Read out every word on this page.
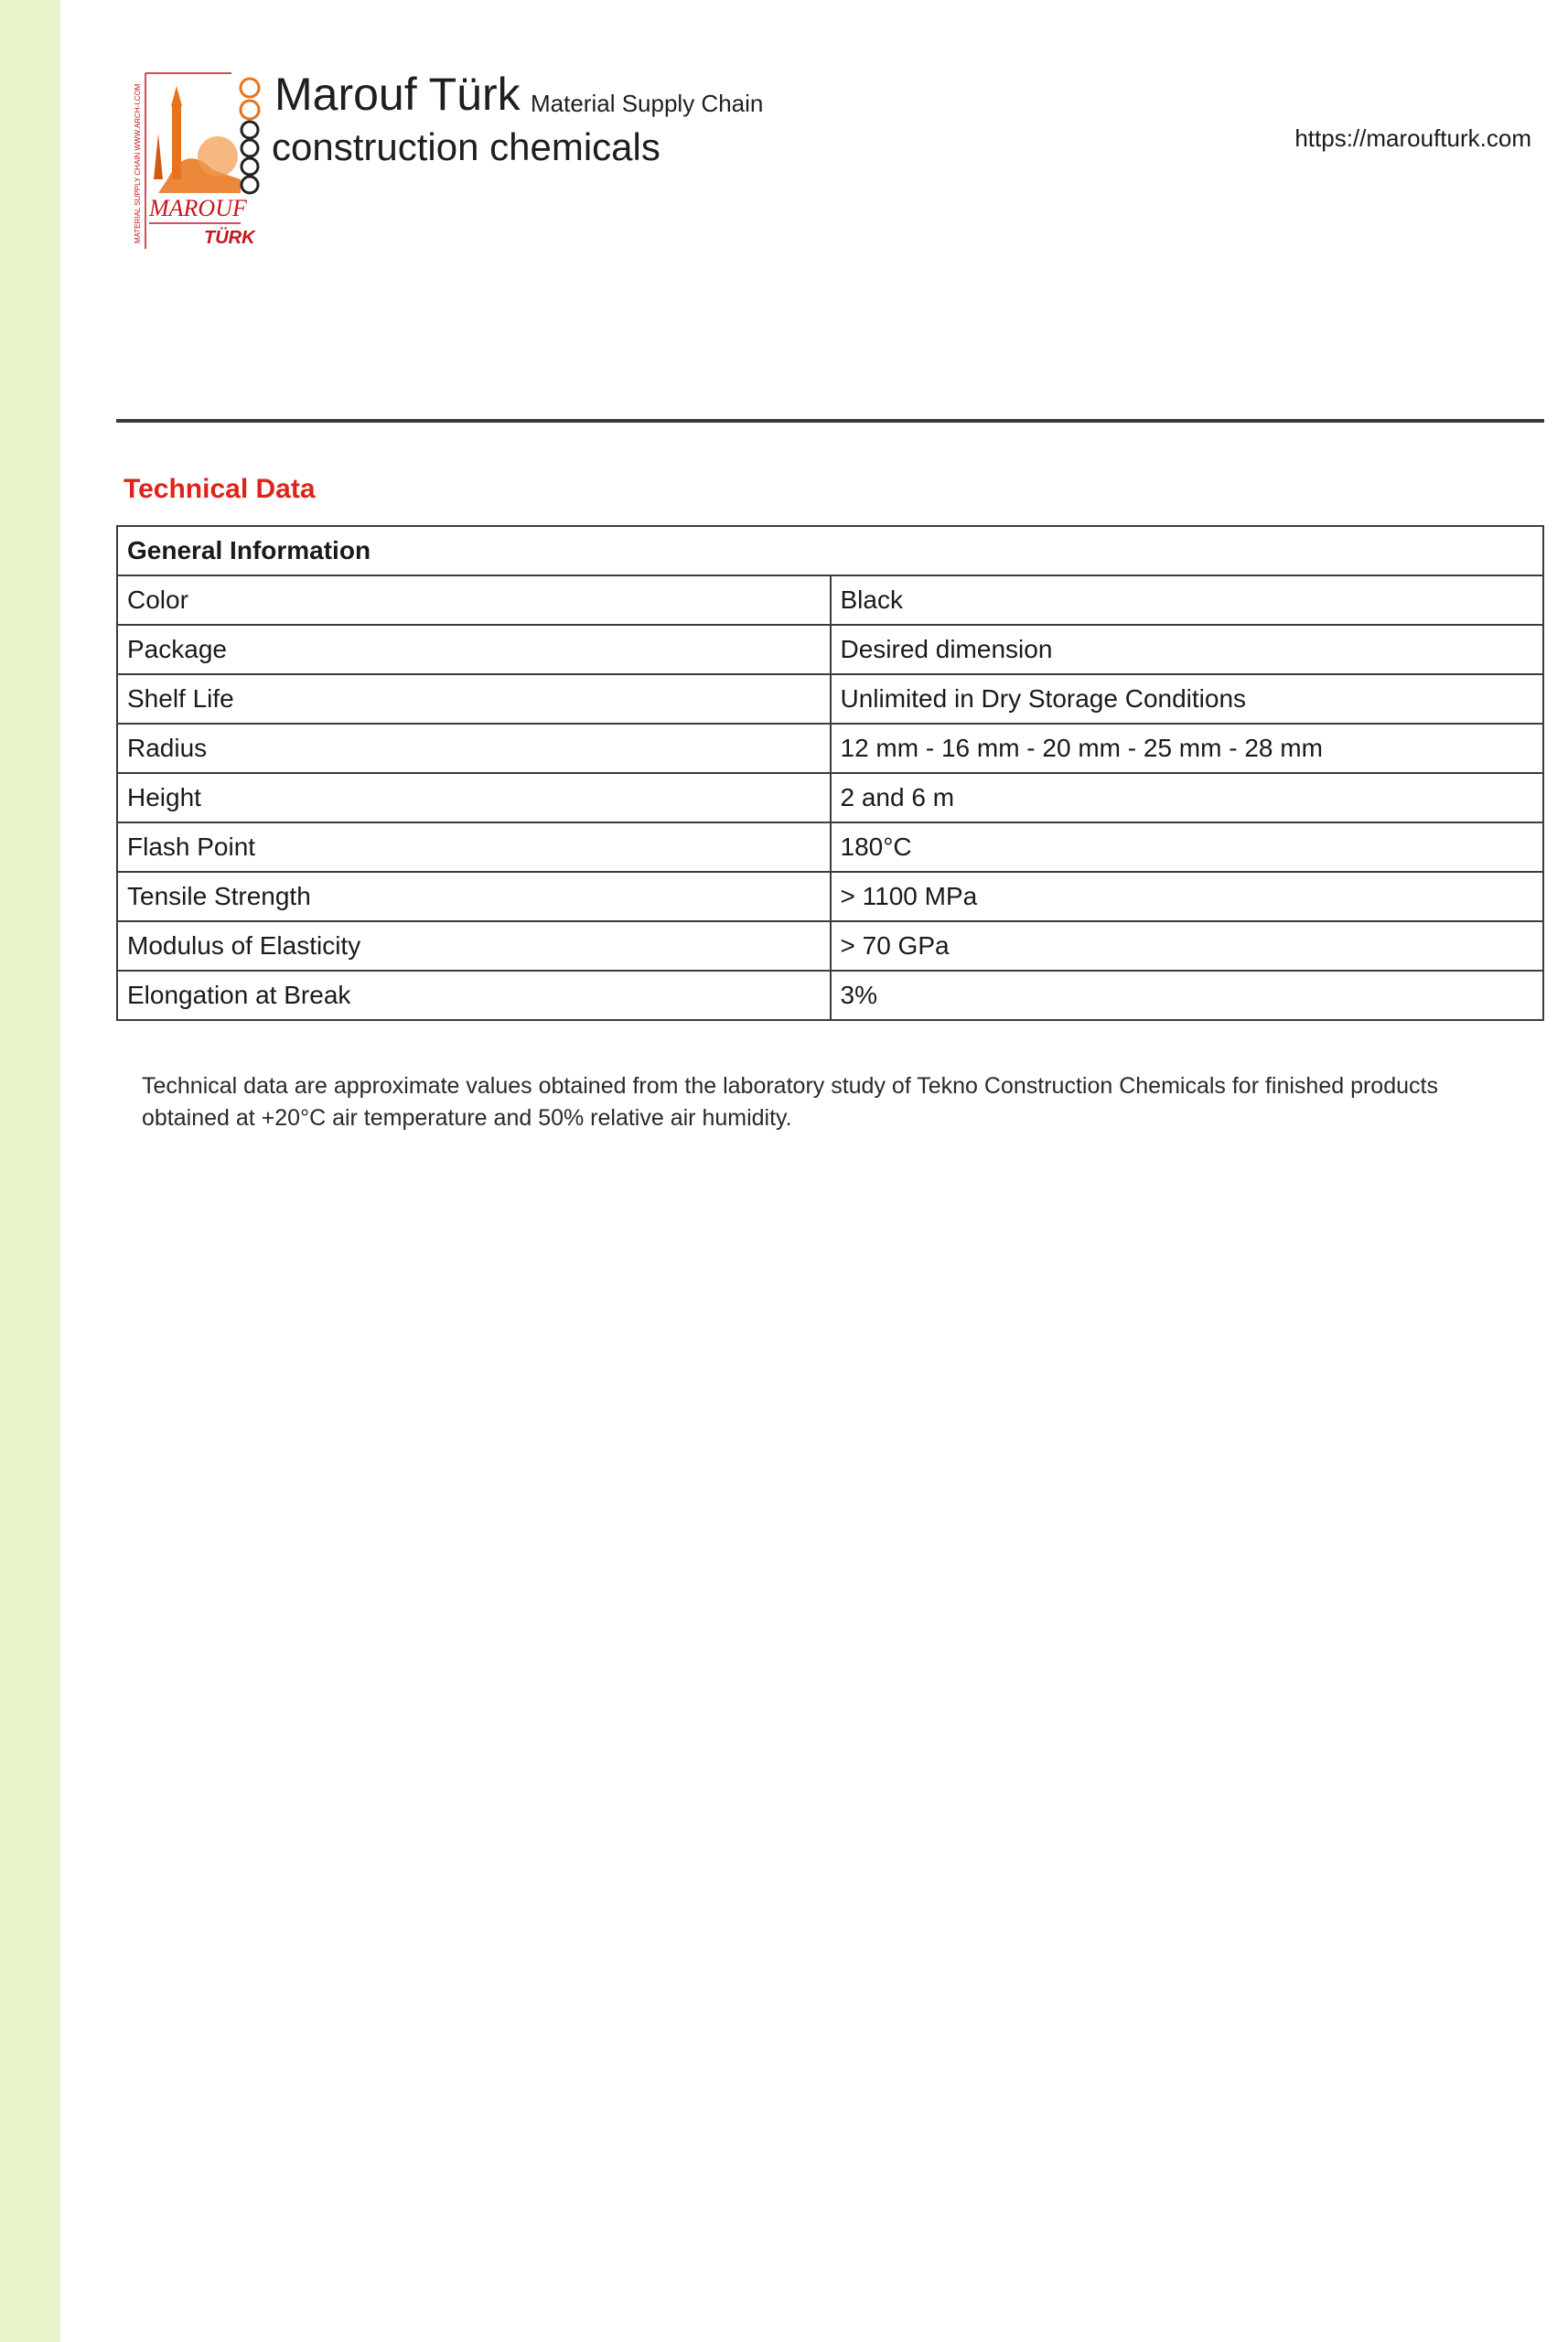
MATERIAL SUPPLY CHAIN WWW.ARCH-I.COM MAROUF
TÜRK
Marouf Türk Material Supply Chain
construction chemicals	https://maroufturk.com
Technical Data
General Information	
Color	Black
Package	Desired dimension
Shelf Life	Unlimited in Dry Storage Conditions
Radius	12 mm - 16 mm - 20 mm - 25 mm - 28 mm
Height	2 and 6 m
Flash Point	180°C
Tensile Strength	> 1100 MPa
Modulus of Elasticity	> 70 GPa
Elongation at Break	3%
Technical data are approximate values obtained from the laboratory study of Tekno Construction Chemicals for finished products obtained at +20°C air temperature and 50% relative air humidity.
